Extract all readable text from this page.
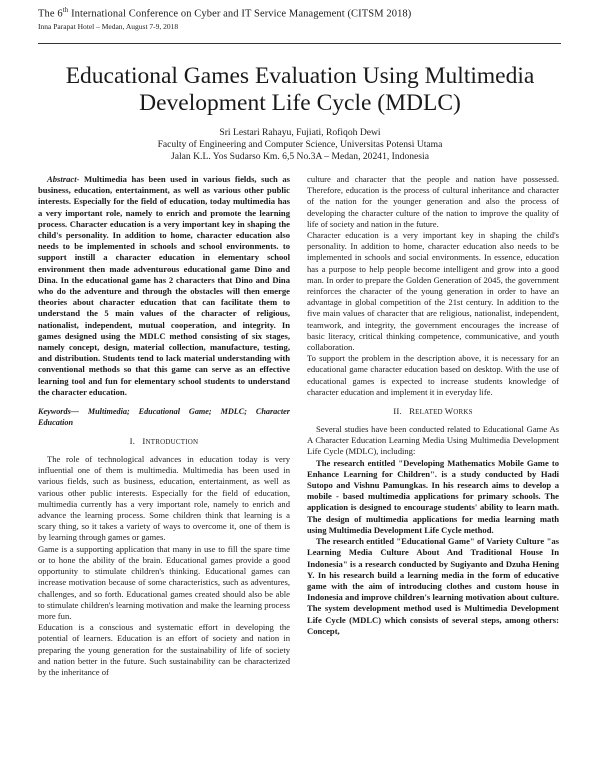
The 6th International Conference on Cyber and IT Service Management (CITSM 2018)
Inna Parapat Hotel – Medan, August 7-9, 2018
Educational Games Evaluation Using Multimedia Development Life Cycle (MDLC)
Sri Lestari Rahayu, Fujiati, Rofiqoh Dewi
Faculty of Engineering and Computer Science, Universitas Potensi Utama
Jalan K.L. Yos Sudarso Km. 6,5 No.3A – Medan, 20241, Indonesia

Abstract- Multimedia has been used in various fields, such as business, education, entertainment, as well as various other public interests. Especially for the field of education, today multimedia has a very important role, namely to enrich and promote the learning process. Character education is a very important key in shaping the child's personality. In addition to home, character education also needs to be implemented in schools and school environments. to support instill a character education in elementary school environment then made adventurous educational game Dino and Dina. In the educational game has 2 characters that Dino and Dina who do the adventure and through the obstacles will then emerge theories about character education that can facilitate them to understand the 5 main values of the character of religious, nationalist, independent, mutual cooperation, and integrity. In games designed using the MDLC method consisting of six stages, namely concept, design, material collection, manufacture, testing, and distribution. Students tend to lack material understanding with conventional methods so that this game can serve as an effective learning tool and fun for elementary school students to understand the character education.

Keywords— Multimedia; Educational Game; MDLC; Character Education
I. INTRODUCTION

The role of technological advances in education today is very influential one of them is multimedia. Multimedia has been used in various fields, such as business, education, entertainment, as well as various other public interests. Especially for the field of education, multimedia currently has a very important role, namely to enrich and advance the learning process. Some children think that learning is a scary thing, so it takes a variety of ways to overcome it, one of them is by learning through games or games.

Game is a supporting application that many in use to fill the spare time or to hone the ability of the brain. Educational games provide a good opportunity to stimulate children's thinking. Educational games can increase motivation because of some characteristics, such as adventures, challenges, and so forth. Educational games created should also be able to stimulate children's learning motivation and make the learning process more fun.

Education is a conscious and systematic effort in developing the potential of learners. Education is an effort of society and nation in preparing the young generation for the sustainability of life of society and nation better in the future. Such sustainability can be characterized by the inheritance of

culture and character that the people and nation have possessed. Therefore, education is the process of cultural inheritance and character of the nation for the younger generation and also the process of developing the character culture of the nation to improve the quality of life of society and nation in the future.

Character education is a very important key in shaping the child's personality. In addition to home, character education also needs to be implemented in schools and social environments. In essence, education has a purpose to help people become intelligent and grow into a good man. In order to prepare the Golden Generation of 2045, the government reinforces the character of the young generation in order to have an advantage in global competition of the 21st century. In addition to the five main values of character that are religious, nationalist, independent, teamwork, and integrity, the government encourages the increase of basic literacy, critical thinking competence, communicative, and youth collaboration.

To support the problem in the description above, it is necessary for an educational game character education based on desktop. With the use of educational games is expected to increase students knowledge of character education and implement it in everyday life.

II. RELATED WORKS

Several studies have been conducted related to Educational Game As A Character Education Learning Media Using Multimedia Development Life Cycle (MDLC), including:

The research entitled "Developing Mathematics Mobile Game to Enhance Learning for Children". is a study conducted by Hadi Sutopo and Vishnu Pamungkas. In his research aims to develop a mobile - based multimedia applications for primary schools. The application is designed to encourage students' ability to learn math. The design of multimedia applications for media learning math using Multimedia Development Life Cycle method.

The research entitled "Educational Game" of Variety Culture "as Learning Media Culture About And Traditional House In Indonesia" is a research conducted by Sugiyanto and Dzuha Hening Y. In his research build a learning media in the form of educative game with the aim of introducing clothes and custom house in Indonesia and improve children's learning motivation about culture. The system development method used is Multimedia Development Life Cycle (MDLC) which consists of several steps, among others: Concept,
